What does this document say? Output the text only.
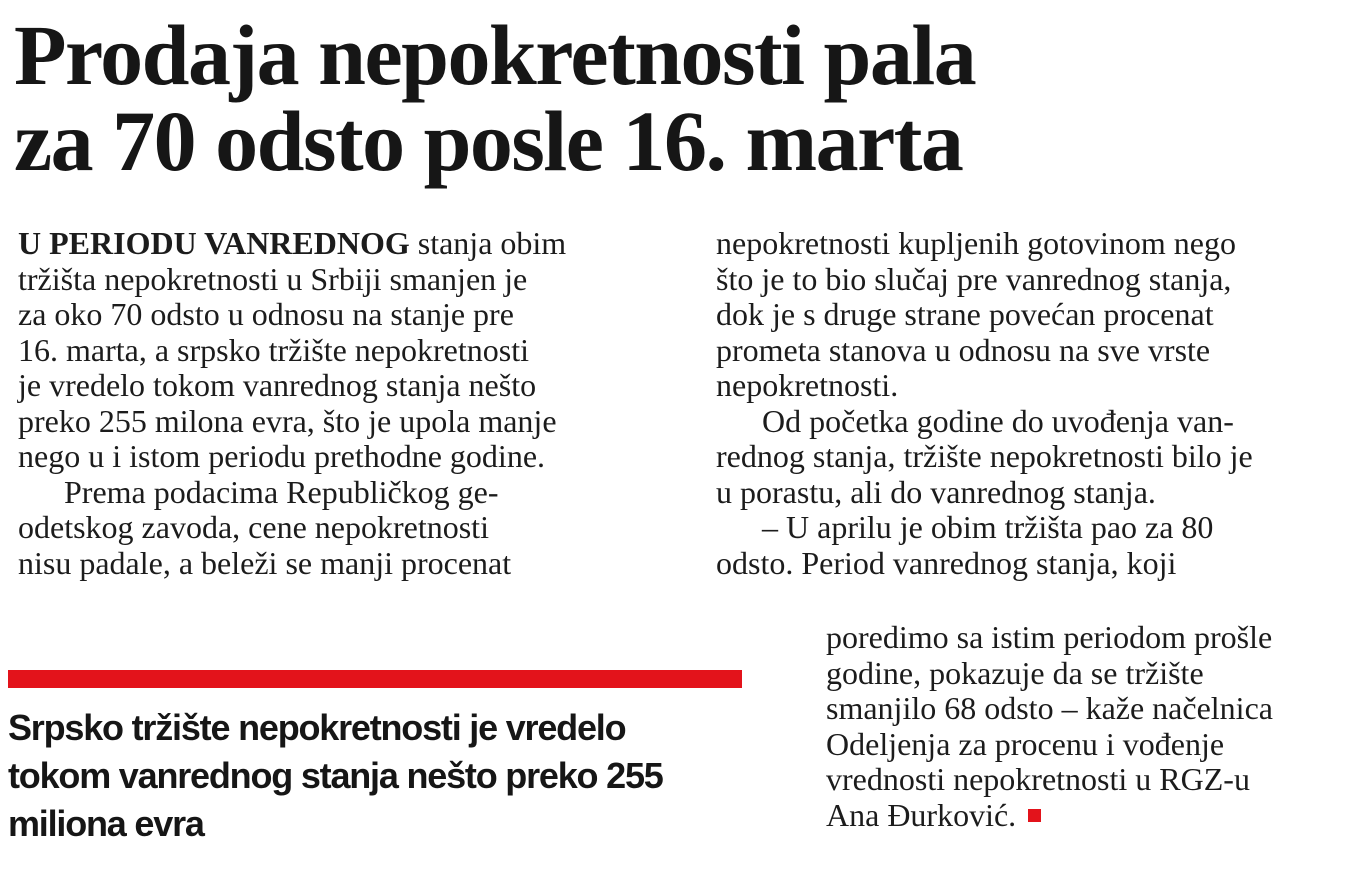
Prodaja nepokretnosti pala
za 70 odsto posle 16. marta
U PERIODU VANREDNOG stanja obim
tržišta nepokretnosti u Srbiji smanjen je
za oko 70 odsto u odnosu na stanje pre
16. marta, a srpsko tržište nepokretnosti
je vredelo tokom vanrednog stanja nešto
preko 255 milona evra, što je upola manje
nego u i istom periodu prethodne godine.
Prema podacima Republičkog ge-
odetskog zavoda, cene nepokretnosti
nisu padale, a beleži se manji procenat
nepokretnosti kupljenih gotovinom nego
što je to bio slučaj pre vanrednog stanja,
dok je s druge strane povećan procenat
prometa stanova u odnosu na sve vrste
nepokretnosti.
Od početka godine do uvođenja van-
rednog stanja, tržište nepokretnosti bilo je
u porastu, ali do vanrednog stanja.
– U aprilu je obim tržišta pao za 80
odsto. Period vanrednog stanja, koji
poredimo sa istim periodom prošle
godine, pokazuje da se tržište
smanjilo 68 odsto – kaže načelnica
Odeljenja za procenu i vođenje
vrednosti nepokretnosti u RGZ-u
Ana Đurković.
Srpsko tržište nepokretnosti je vredelo
tokom vanrednog stanja nešto preko 255
miliona evra
